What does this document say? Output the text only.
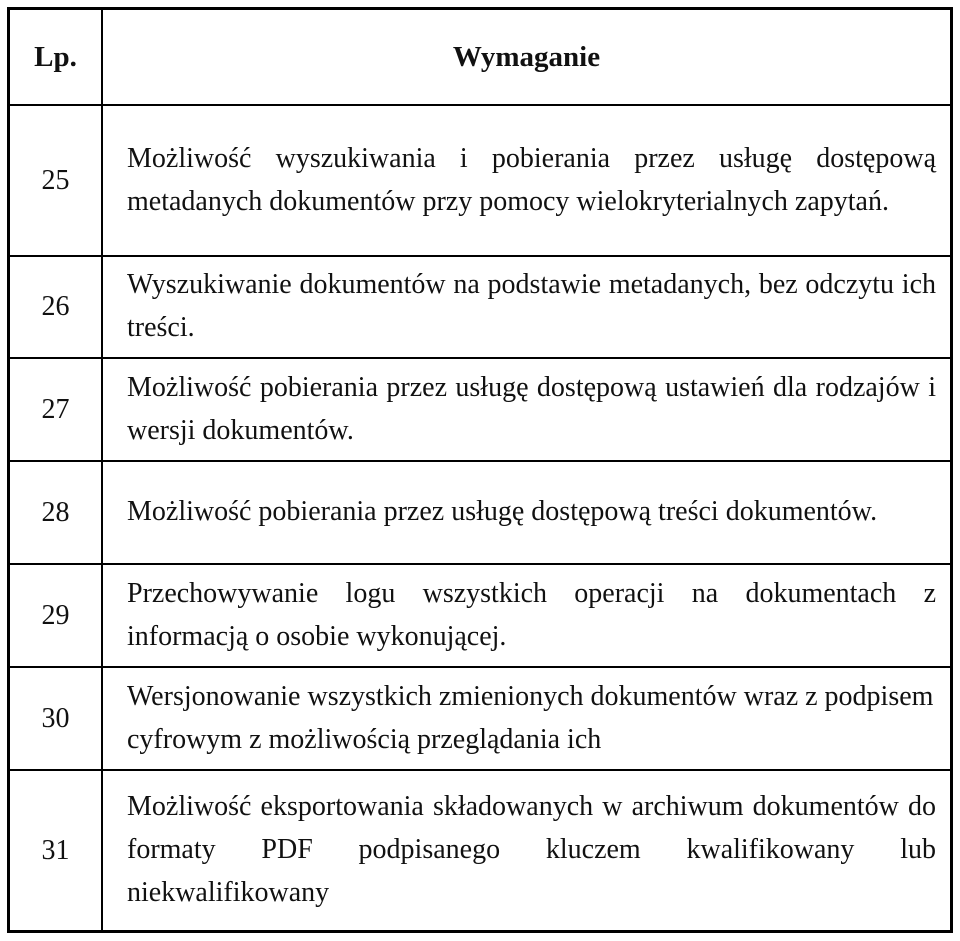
Lp.	Wymaganie
25	Możliwość wyszukiwania i pobierania przez usługę dostępową metadanych dokumentów przy pomocy wielokryterialnych zapytań.
26	Wyszukiwanie dokumentów na podstawie metadanych, bez odczytu ich treści.
27	Możliwość pobierania przez usługę dostępową ustawień dla rodzajów i wersji dokumentów.
28	Możliwość pobierania przez usługę dostępową treści dokumentów.
29	Przechowywanie logu wszystkich operacji na dokumentach z informacją o osobie wykonującej.
30	Wersjonowanie wszystkich zmienionych dokumentów wraz z podpisem cyfrowym z możliwością przeglądania ich
31	Możliwość eksportowania składowanych w archiwum dokumentów do formaty PDF podpisanego kluczem kwalifikowany lub niekwalifikowany
